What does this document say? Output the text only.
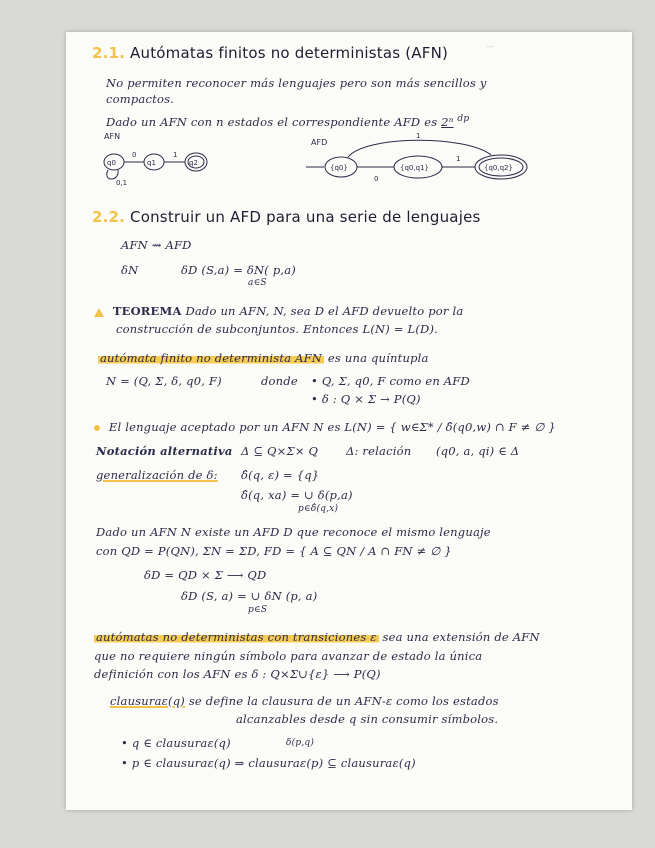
—
2.1. Autómatas finitos no deterministas (AFN)
No permiten reconocer más lenguajes pero son más sencillos y
compactos.
Dado un AFN con n estados el correspondiente AFD es 2ⁿ $^{dp}$
AFN
q0	q1	q2
0	1
0,1
AFD
{q0}	{q0,q1}	{q0,q2}
0
1
1
2.2. Construir un AFD para una serie de lenguajes
AFN ⇝ AFD
δN	δD (S,a) = δN( p,a)
a∈S
TEOREMA Dado un AFN, N, sea D el AFD devuelto por la
construcción de subconjuntos. Entonces L(N) = L(D).
autómata finito no determinista AFN es una quíntupla
N = (Q, Σ, δ, q0, F)	donde • Q, Σ, q0, F como en AFD
• δ : Q × Σ → P(Q)
El lenguaje aceptado por un AFN N es L(N) = { w∈Σ* / δ̂(q0,w) ∩ F ≠ ∅ }
Notación alternativa Δ ⊆ Q×Σ× Q Δ: relación (q0, a, qi) ∈ Δ
generalización de δ: δ̂(q, ε) = {q}
δ̂(q, xa) = ∪ δ(p,a)
p∈δ̂(q,x)
Dado un AFN N existe un AFD D que reconoce el mismo lenguaje
con QD = P(QN), ΣN = ΣD, FD = { A ⊆ QN / A ∩ FN ≠ ∅ }
δD = QD × Σ ⟶ QD
δD (S, a) = ∪ δN (p, a)
p∈S
autómatas no deterministas con transiciones ε sea una extensión de AFN
que no requiere ningún símbolo para avanzar de estado la única
definición con los AFN es δ : Q×Σ∪{ε} ⟶ P(Q)
clausuraε(q) se define la clausura de un AFN-ε como los estados
alcanzables desde q sin consumir símbolos.
• q ∈ clausuraε(q)	δ(p,q)
• p ∈ clausuraε(q) ⇒ clausuraε(p) ⊆ clausuraε(q)
